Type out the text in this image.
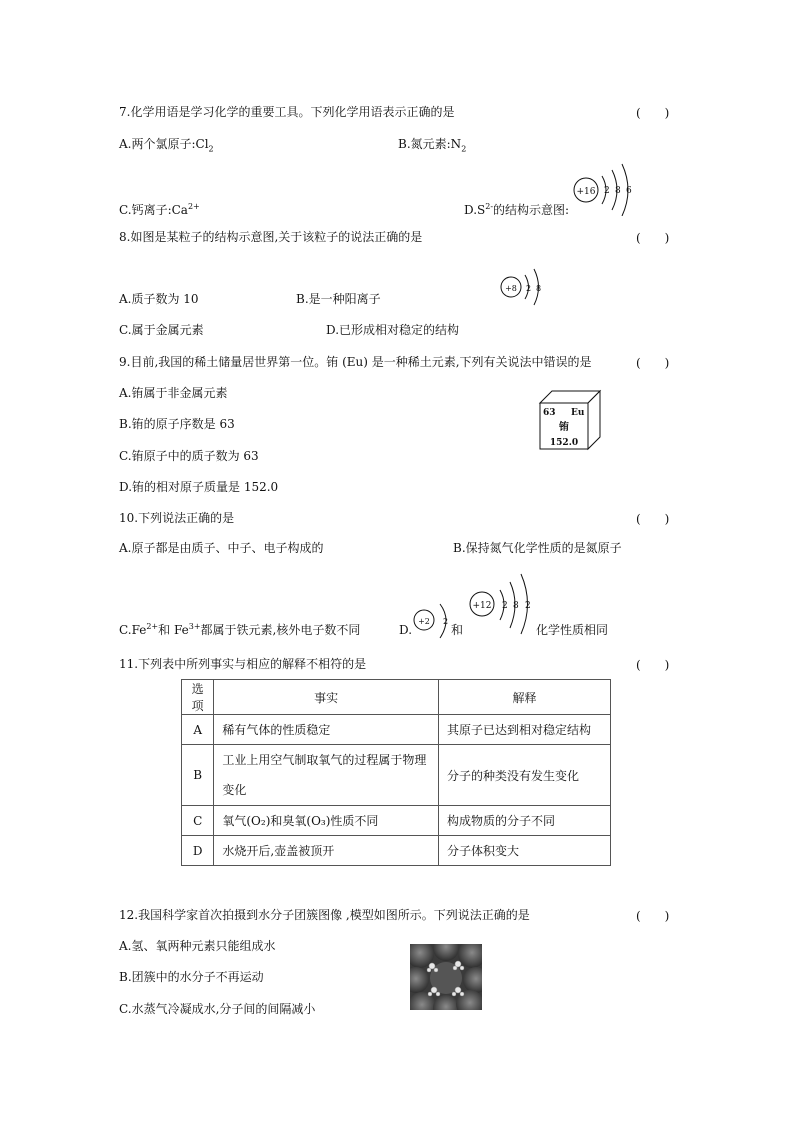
7.化学用语是学习化学的重要工具。下列化学用语表示正确的是	(　　)
A.两个氯原子$:Cl_2$	B.氮元素$:N_2$
C.钙离子$:Ca^{2+}$	$D.S^{2-}$的结构示意图:
+16 2 8 6
8.如图是某粒子的结构示意图,关于该粒子的说法正确的是	(　　)
+8 2 8
A.质子数为 10	B.是一种阳离子
C.属于金属元素	D.已形成相对稳定的结构
9.目前,我国的稀土储量居世界第一位。铕 (Eu) 是一种稀土元素,下列有关说法中错误的是	(　　)
A.铕属于非金属元素
B.铕的原子序数是 63
C.铕原子中的质子数为 63
D.铕的相对原子质量是 152.0
63 Eu
铕
152.0
10.下列说法正确的是	(　　)
A.原子都是由质子、中子、电子构成的	B.保持氮气化学性质的是氮原子
$C.Fe^{2+}$和 $Fe^{3+}$都属于铁元素,核外电子数不同	D.
+2 2
和
+12 2 8 2
化学性质相同
11.下列表中所列事实与相应的解释不相符的是	(　　)
选项	事实	解释
A	稀有气体的性质稳定	其原子已达到相对稳定结构
B	工业上用空气制取氧气的过程属于物理
变化	分子的种类没有发生变化
C	氧气(O₂)和臭氧(O₃)性质不同	构成物质的分子不同
D	水烧开后,壶盖被顶开	分子体积变大
12.我国科学家首次拍摄到水分子团簇图像 ,模型如图所示。下列说法正确的是	(　　)
A.氢、氧两种元素只能组成水
B.团簇中的水分子不再运动
C.水蒸气冷凝成水,分子间的间隔减小
